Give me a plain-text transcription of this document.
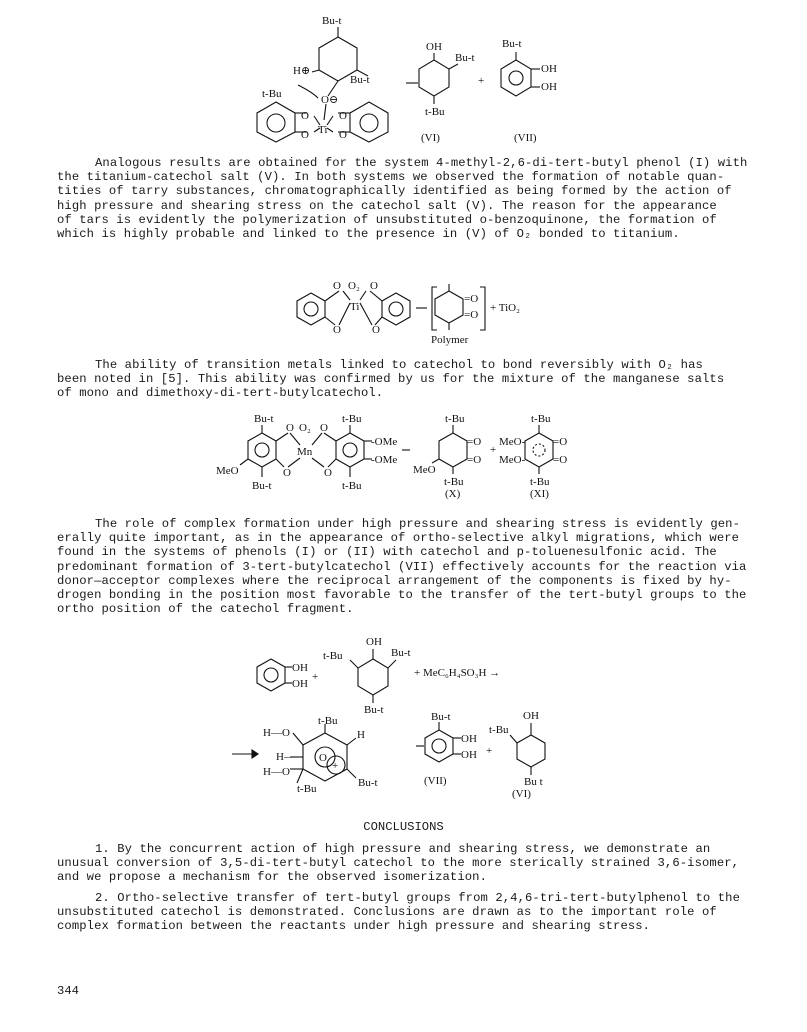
Bu-t
H⊕
Bu-t
O⊖
t-Bu
O
O
O
O
Ti
OH
Bu-t
t-Bu
+
Bu-t
OH
OH
(VI)	(VII)

Analogous results are obtained for the system 4-methyl-2,6-di-tert-butyl phenol (I) with
the titanium-catechol salt (V). In both systems we observed the formation of notable quan-
tities of tarry substances, chromatographically identified as being formed by the action of
high pressure and shearing stress on the catechol salt (V). The reason for the appearance
of tars is evidently the polymerization of unsubstituted o-benzoquinone, the formation of
which is highly probable and linked to the presence in (V) of O₂ bonded to titanium.

O O₂ O
Ti
O	O
=O
=O
+ TiO₂
Polymer

The ability of transition metals linked to catechol to bond reversibly with O₂ has
been noted in [5]. This ability was confirmed by us for the mixture of the manganese salts
of mono and dimethoxy-di-tert-butylcatechol.

Bu-t	t-Bu
O O₂ O
Mn
-OMe
-OMe
MeO	O	O
Bu-t	t-Bu
t-Bu
=O
=O
MeO
t-Bu
(X)
+
t-Bu
MeO-
MeO-
=O
=O
t-Bu
(XI)

The role of complex formation under high pressure and shearing stress is evidently gen-
erally quite important, as in the appearance of ortho-selective alkyl migrations, which were
found in the systems of phenols (I) or (II) with catechol and p-toluenesulfonic acid. The
predominant formation of 3-tert-butylcatechol (VII) effectively accounts for the reaction via
donor—acceptor complexes where the reciprocal arrangement of the components is fixed by hy-
drogen bonding in the position most favorable to the transfer of the tert-butyl groups to the
ortho position of the catechol fragment.

OH
OH
+
OH
t-Bu	Bu-t
Bu-t
+ MeC₆H₄SO₃H →
H—O
H—
H—O
t-Bu
H
t-Bu	Bu-t
O
+
Bu-t
OH
OH
(VII)
+
OH
t-Bu
Bu t
(VI)

CONCLUSIONS

1. By the concurrent action of high pressure and shearing stress, we demonstrate an
unusual conversion of 3,5-di-tert-butyl catechol to the more sterically strained 3,6-isomer,
and we propose a mechanism for the observed isomerization.

2. Ortho-selective transfer of tert-butyl groups from 2,4,6-tri-tert-butylphenol to the
unsubstituted catechol is demonstrated. Conclusions are drawn as to the important role of
complex formation between the reactants under high pressure and shearing stress.

344
